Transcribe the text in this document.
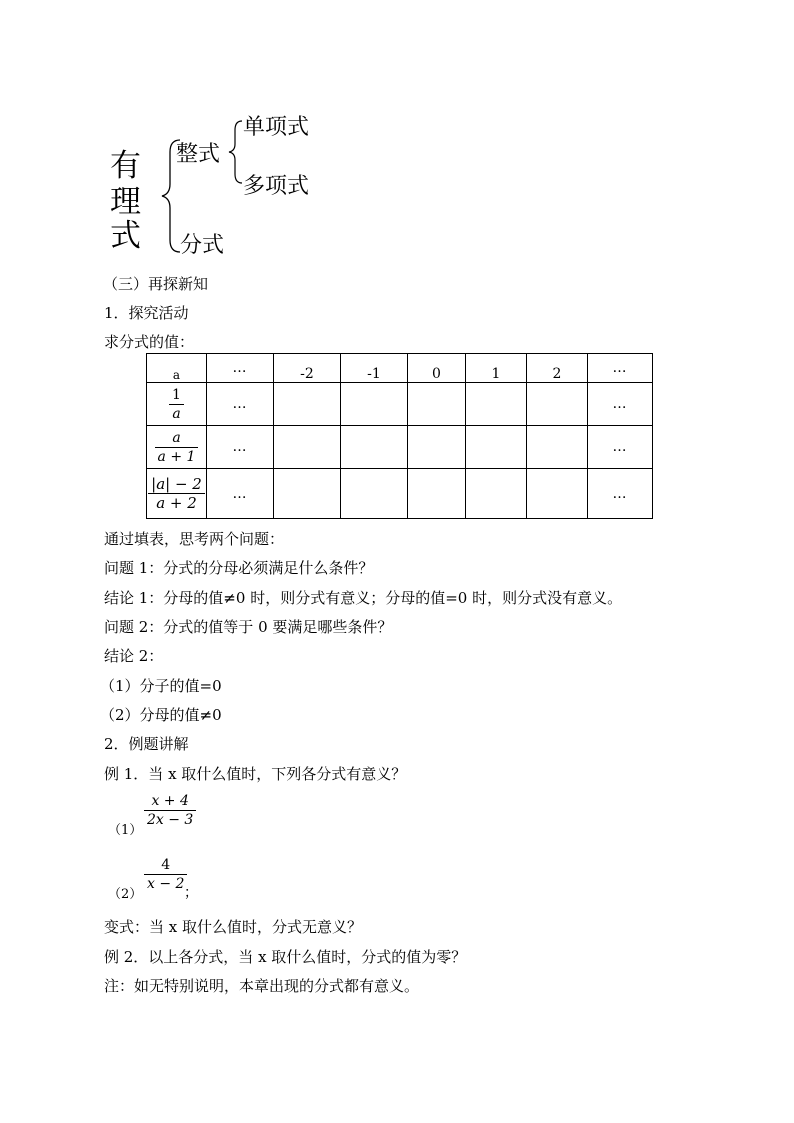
有
理
式
整式
分式
单项式
多项式
（三）再探新知
1．探究活动
求分式的值：
a	…	-2	-1	0	1	2	…

$\frac{1}{a}$	…						…

$\frac{a}{a + 1}$	…						…

$\frac{|a| - 2}{a + 2}$	…						…
通过填表，思考两个问题：
问题 1：分式的分母必须满足什么条件？
结论 1：分母的值≠0 时，则分式有意义；分母的值=0 时，则分式没有意义。
问题 2：分式的值等于 0 要满足哪些条件？
结论 2：
（1）分子的值=0
（2）分母的值≠0
2．例题讲解
例 1．当 x 取什么值时，下列各分式有意义？
（1）
$\frac{x + 4}{2x - 3}$
（2）
$\frac{4}{x - 2}$
；
变式：当 x 取什么值时，分式无意义？
例 2．以上各分式，当 x 取什么值时，分式的值为零？
注：如无特别说明，本章出现的分式都有意义。
